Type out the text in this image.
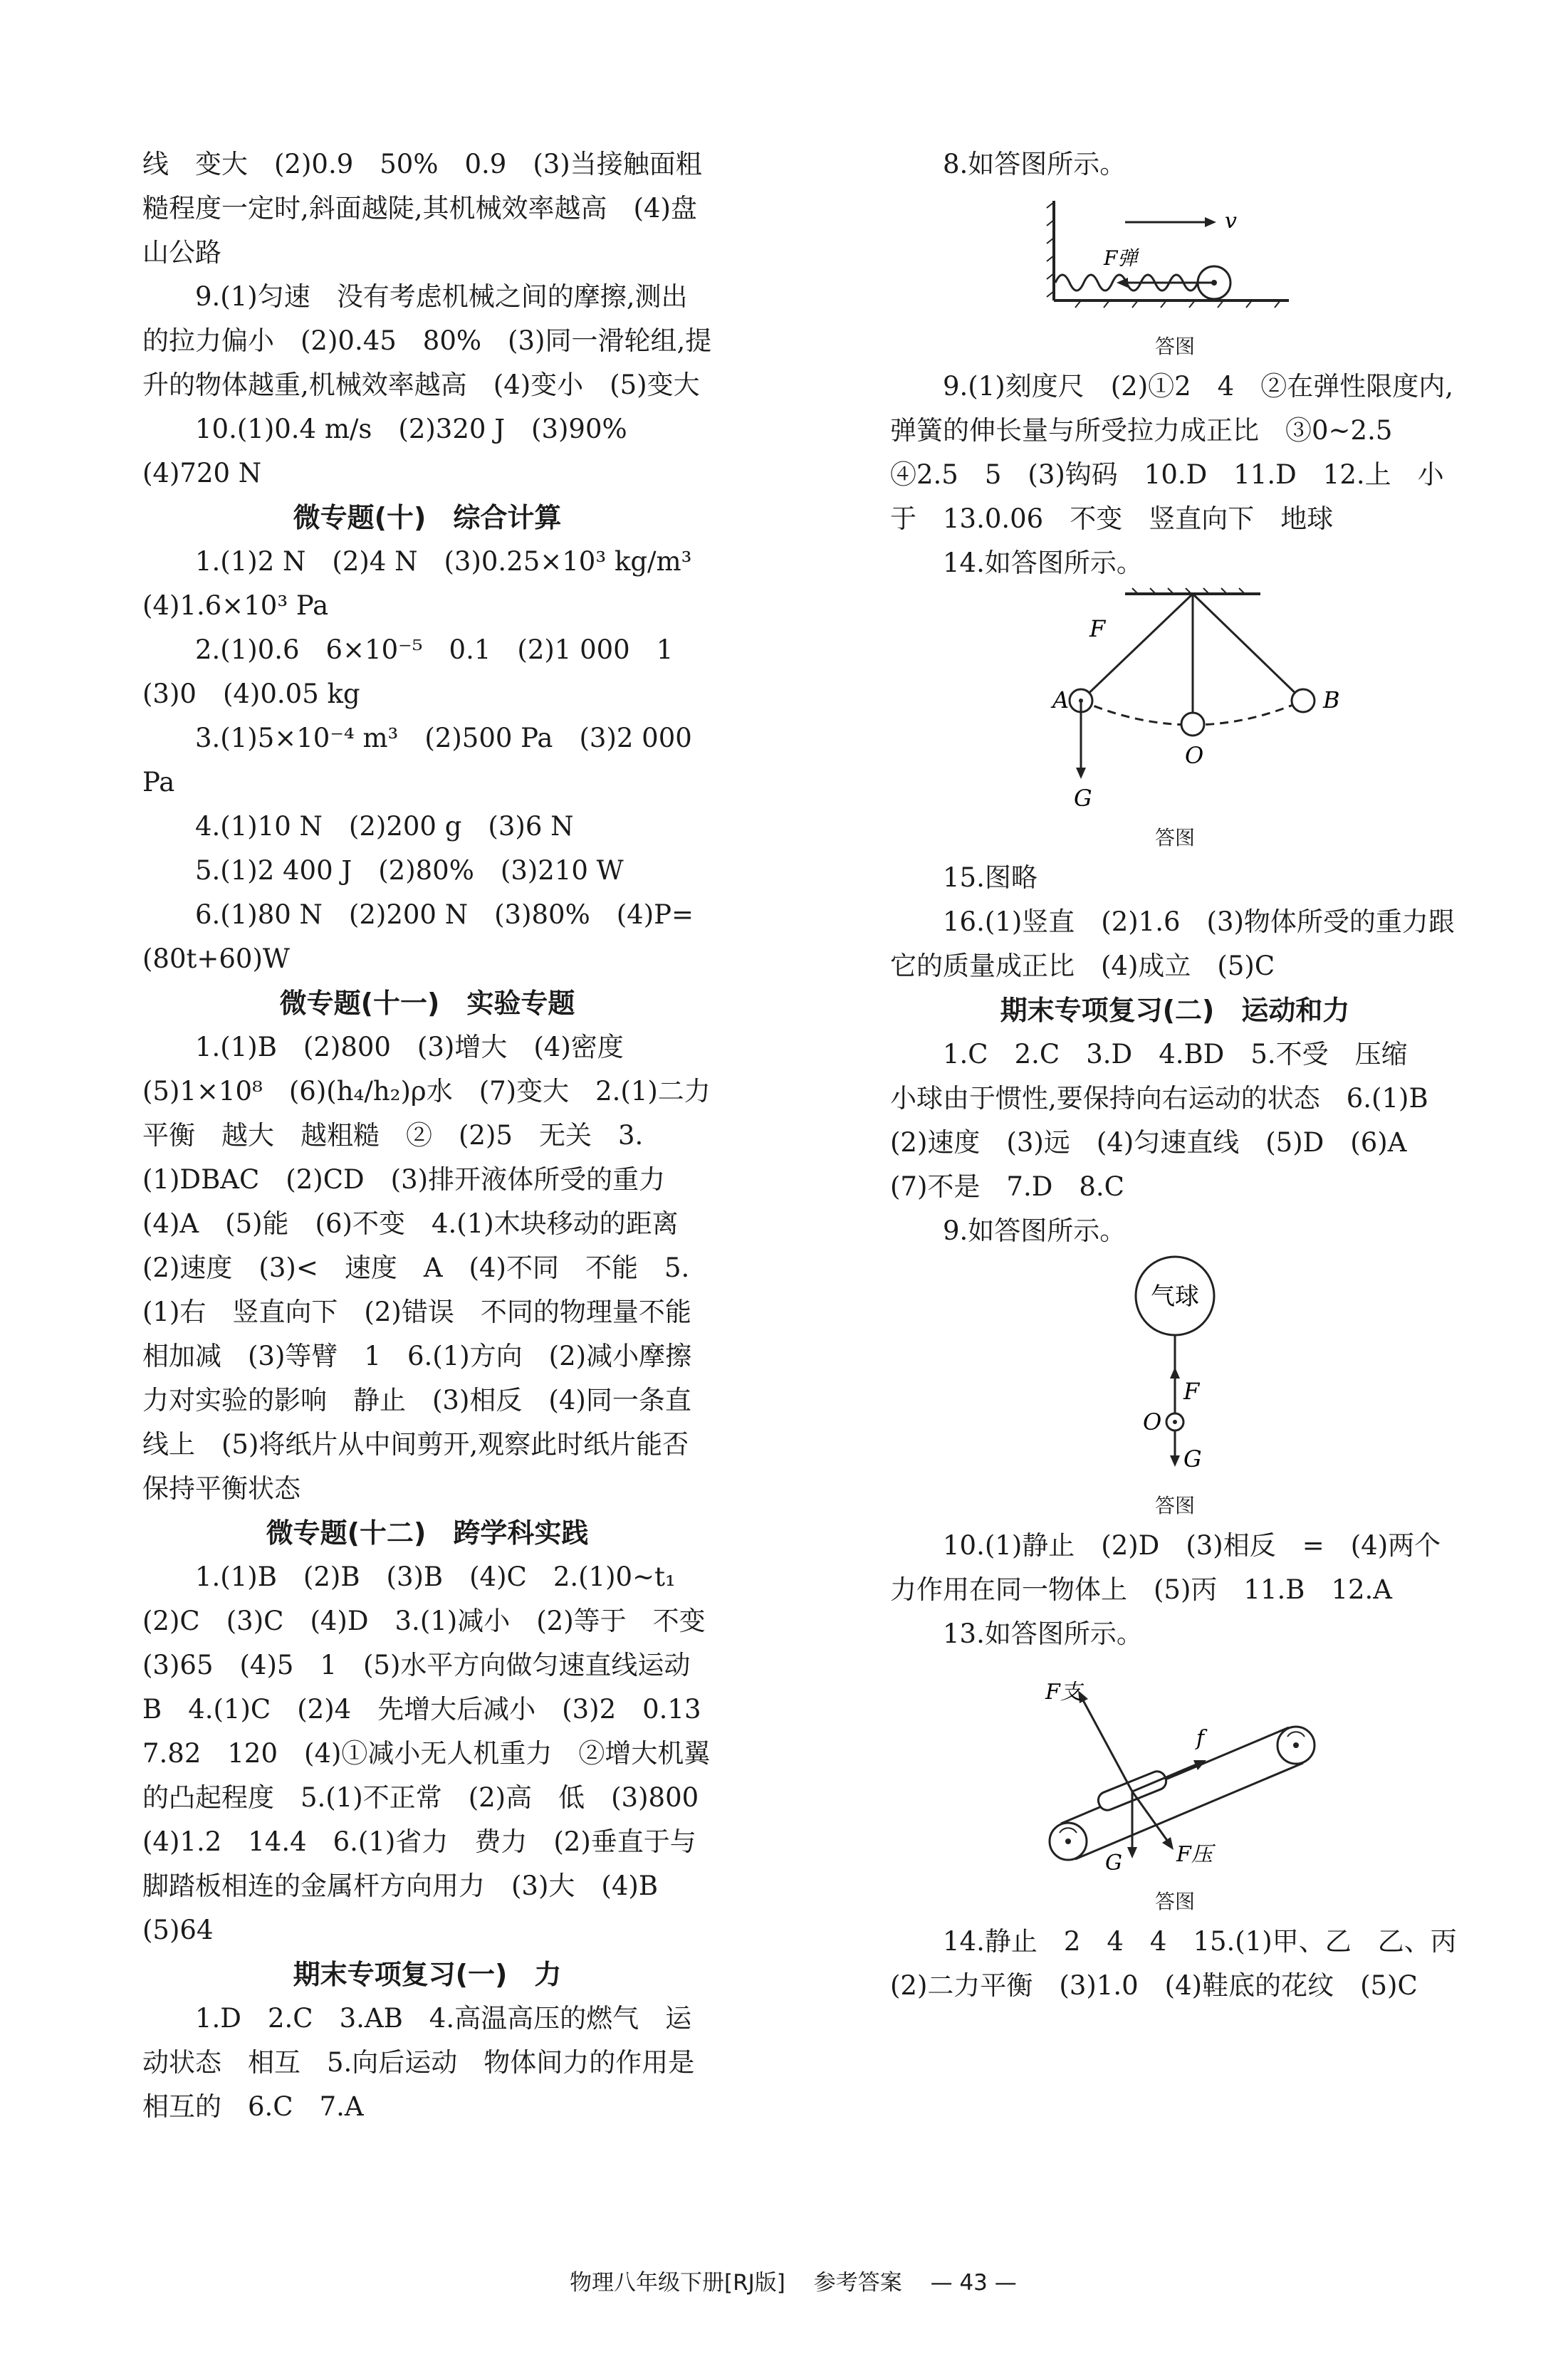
线　变大　(2)0.9　50%　0.9　(3)当接触面粗糙程度一定时,斜面越陡,其机械效率越高　(4)盘山公路

9.(1)匀速　没有考虑机械之间的摩擦,测出的拉力偏小　(2)0.45　80%　(3)同一滑轮组,提升的物体越重,机械效率越高　(4)变小　(5)变大

10.(1)0.4 m/s　(2)320 J　(3)90%　(4)720 N

微专题(十)　综合计算

1.(1)2 N　(2)4 N　(3)0.25×10³ kg/m³　(4)1.6×10³ Pa

2.(1)0.6　6×10⁻⁵　0.1　(2)1 000　1　(3)0　(4)0.05 kg

3.(1)5×10⁻⁴ m³　(2)500 Pa　(3)2 000 Pa

4.(1)10 N　(2)200 g　(3)6 N

5.(1)2 400 J　(2)80%　(3)210 W

6.(1)80 N　(2)200 N　(3)80%　(4)P=(80t+60)W

微专题(十一)　实验专题

1.(1)B　(2)800　(3)增大　(4)密度　(5)1×10⁸　(6)(h₄/h₂)ρ水　(7)变大　2.(1)二力平衡　越大　越粗糙　②　(2)5　无关　3.(1)DBAC　(2)CD　(3)排开液体所受的重力　(4)A　(5)能　(6)不变　4.(1)木块移动的距离　(2)速度　(3)<　速度　A　(4)不同　不能　5.(1)右　竖直向下　(2)错误　不同的物理量不能相加减　(3)等臂　1　6.(1)方向　(2)减小摩擦力对实验的影响　静止　(3)相反　(4)同一条直线上　(5)将纸片从中间剪开,观察此时纸片能否保持平衡状态

微专题(十二)　跨学科实践

1.(1)B　(2)B　(3)B　(4)C　2.(1)0~t₁　(2)C　(3)C　(4)D　3.(1)减小　(2)等于　不变　(3)65　(4)5　1　(5)水平方向做匀速直线运动　B　4.(1)C　(2)4　先增大后减小　(3)2　0.13　7.82　120　(4)①减小无人机重力　②增大机翼的凸起程度　5.(1)不正常　(2)高　低　(3)800　(4)1.2　14.4　6.(1)省力　费力　(2)垂直于与脚踏板相连的金属杆方向用力　(3)大　(4)B　(5)64

期末专项复习(一)　力

1.D　2.C　3.AB　4.高温高压的燃气　运动状态　相互　5.向后运动　物体间力的作用是相互的　6.C　7.A

8.如答图所示。

v
F弹
答图

9.(1)刻度尺　(2)①2　4　②在弹性限度内,弹簧的伸长量与所受拉力成正比　③0~2.5　④2.5　5　(3)钩码　10.D　11.D　12.上　小于　13.0.06　不变　竖直向下　地球

14.如答图所示。

F
A	B
O
G
答图

15.图略

16.(1)竖直　(2)1.6　(3)物体所受的重力跟它的质量成正比　(4)成立　(5)C

期末专项复习(二)　运动和力

1.C　2.C　3.D　4.BD　5.不受　压缩　小球由于惯性,要保持向右运动的状态　6.(1)B　(2)速度　(3)远　(4)匀速直线　(5)D　(6)A　(7)不是　7.D　8.C

9.如答图所示。

气球
F
O
G
答图

10.(1)静止　(2)D　(3)相反　=　(4)两个力作用在同一物体上　(5)丙　11.B　12.A

13.如答图所示。

F支
f
G	F压
答图

14.静止　2　4　4　15.(1)甲、乙　乙、丙　(2)二力平衡　(3)1.0　(4)鞋底的花纹　(5)C

物理八年级下册[RJ版] 参考答案 — 43 —
